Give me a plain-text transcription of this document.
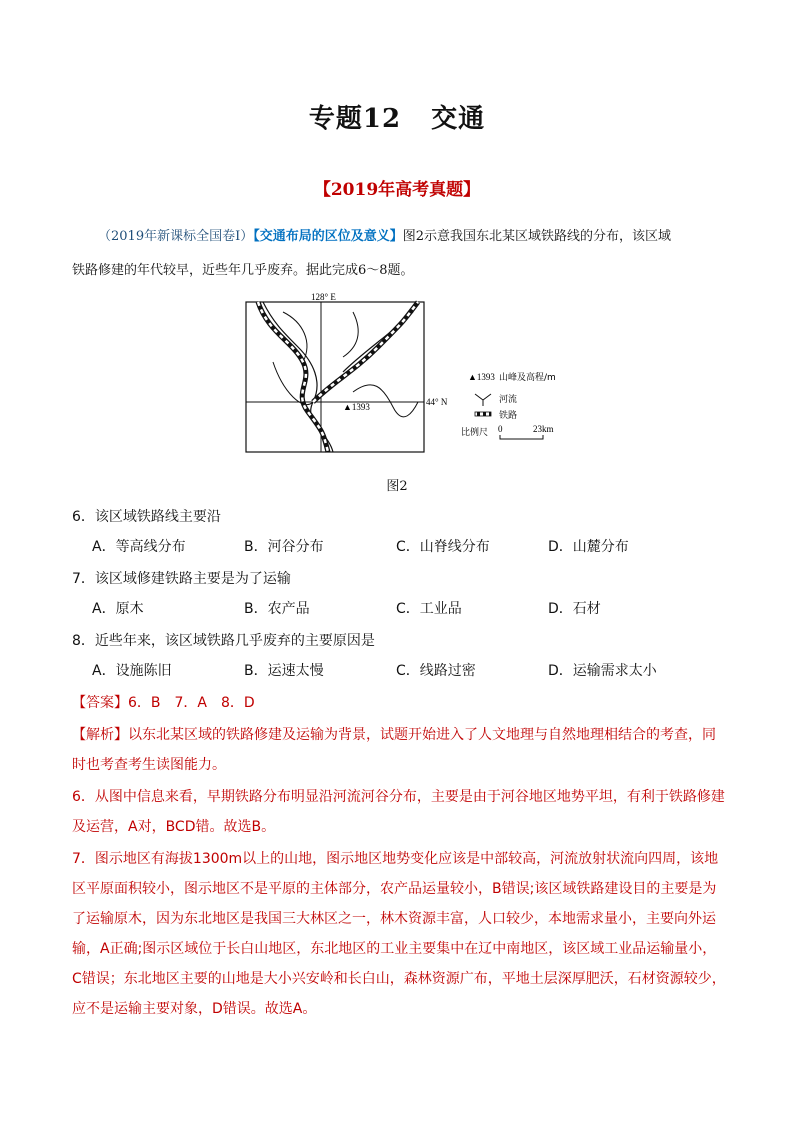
专题12 交通
【2019年高考真题】
（2019年新课标全国卷Ⅰ）【交通布局的区位及意义】图2示意我国东北某区域铁路线的分布，该区域
铁路修建的年代较早，近些年几乎废弃。据此完成6～8题。
128° E
44° N
▲1393
▲1393 山峰及高程/m
河流
铁路
比例尺 0	23km
图2
6．该区域铁路线主要沿
A．等高线分布	B．河谷分布	C．山脊线分布	D．山麓分布
7．该区域修建铁路主要是为了运输
A．原木	B．农产品	C．工业品	D．石材
8．近些年来，该区域铁路几乎废弃的主要原因是
A．设施陈旧	B．运速太慢	C．线路过密	D．运输需求太小
【答案】6．B　7．A　8．D
【解析】以东北某区域的铁路修建及运输为背景，试题开始进入了人文地理与自然地理相结合的考查，同时也考查考生读图能力。
6．从图中信息来看，早期铁路分布明显沿河流河谷分布，主要是由于河谷地区地势平坦，有利于铁路修建及运营，A对，BCD错。故选B。
7．图示地区有海拔1300m以上的山地，图示地区地势变化应该是中部较高，河流放射状流向四周，该地区平原面积较小，图示地区不是平原的主体部分，农产品运量较小，B错误;该区域铁路建设目的主要是为了运输原木，因为东北地区是我国三大林区之一，林木资源丰富，人口较少，本地需求量小，主要向外运输，A正确;图示区域位于长白山地区，东北地区的工业主要集中在辽中南地区，该区域工业品运输量小，C错误；东北地区主要的山地是大小兴安岭和长白山，森林资源广布，平地土层深厚肥沃，石材资源较少，应不是运输主要对象，D错误。故选A。
